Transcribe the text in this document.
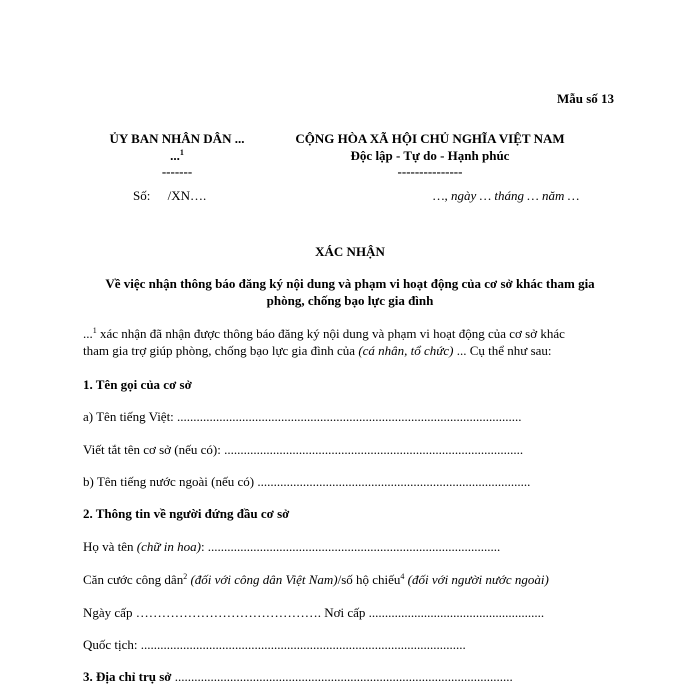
Mẫu số 13
ỦY BAN NHÂN DÂN ...
...$^1$
-------
Số: /XN….
CỘNG HÒA XÃ HỘI CHỦ NGHĨA VIỆT NAM
Độc lập - Tự do - Hạnh phúc
---------------
…, ngày … tháng … năm …
XÁC NHẬN
Về việc nhận thông báo đăng ký nội dung và phạm vi hoạt động của cơ sở khác tham gia
phòng, chống bạo lực gia đình
...$^1$ xác nhận đã nhận được thông báo đăng ký nội dung và phạm vi hoạt động của cơ sở khác
tham gia trợ giúp phòng, chống bạo lực gia đình của (cá nhân, tổ chức) ... Cụ thể như sau:
1. Tên gọi của cơ sở
a) Tên tiếng Việt: ..........................................................................................................
Viết tắt tên cơ sở (nếu có): ............................................................................................
b) Tên tiếng nước ngoài (nếu có) ....................................................................................
2. Thông tin về người đứng đầu cơ sở
Họ và tên (chữ in hoa): ..........................................................................................
Căn cước công dân$^2$ (đối với công dân Việt Nam)/số hộ chiếu$^4$ (đối với người nước ngoài)
Ngày cấp ……………………………………. Nơi cấp ......................................................
Quốc tịch: ....................................................................................................
3. Địa chỉ trụ sở ........................................................................................................
